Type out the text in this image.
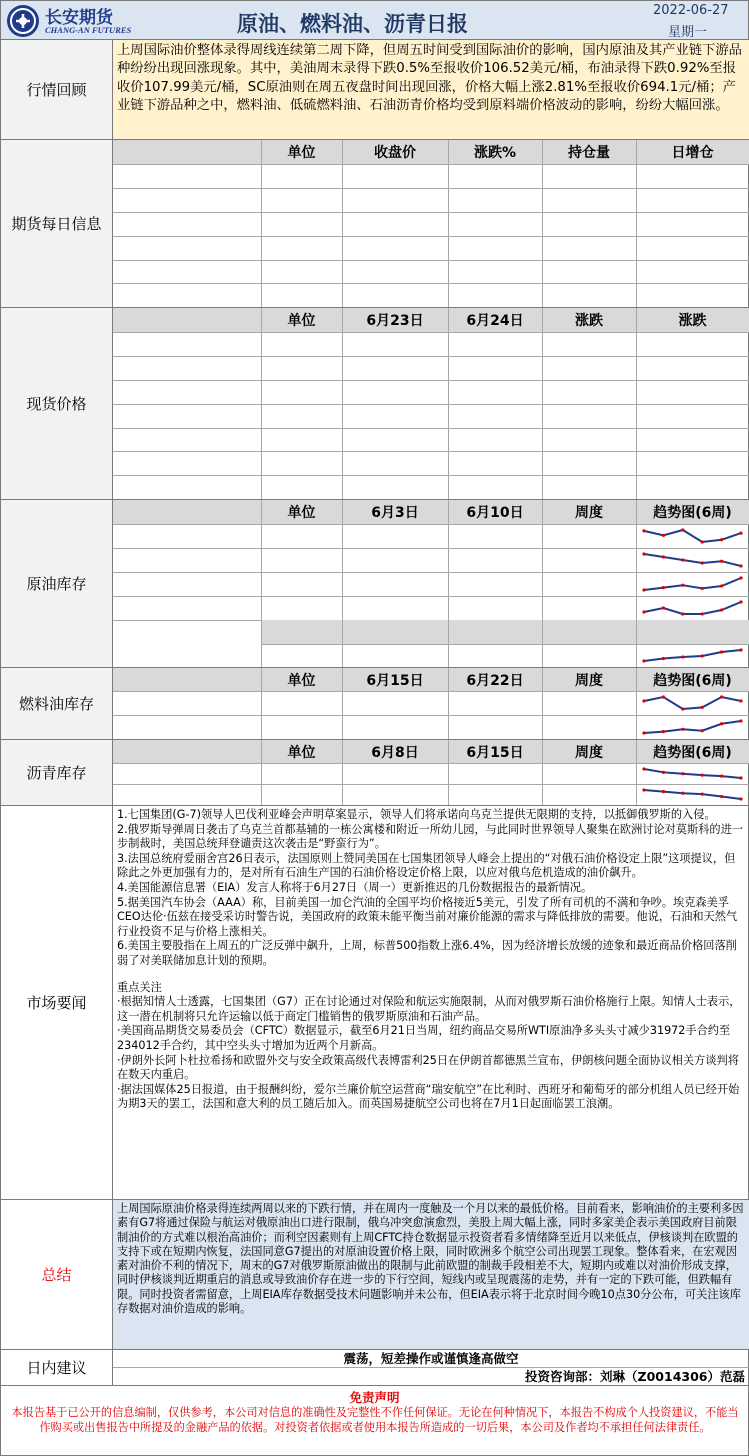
长安期货
CHANG-AN FUTURES	原油、燃料油、沥青日报
2022-06-27
星期一
行情回顾
上周国际油价整体录得周线连续第二周下降，但周五时间受到国际油价的影响，国内原油及其产业链下游品种纷纷出现回涨现象。其中，美油周末录得下跌0.5%至报收价106.52美元/桶，布油录得下跌0.92%至报收价107.99美元/桶，SC原油则在周五夜盘时间出现回涨，价格大幅上涨2.81%至报收价694.1元/桶；产业链下游品种之中，燃料油、低硫燃料油、石油沥青价格均受到原料端价格波动的影响，纷纷大幅回涨。
期货每日信息
单位	收盘价	涨跌%	持仓量	日增仓
现货价格
单位	6月23日	6月24日	涨跌	涨跌
原油库存
单位	6月3日	6月10日	周度	趋势图(6周)
燃料油库存
单位	6月15日	6月22日	周度	趋势图(6周)
沥青库存
单位	6月8日	6月15日	周度	趋势图(6周)
市场要闻
1.七国集团(G-7)领导人巴伐利亚峰会声明草案显示，领导人们将承诺向乌克兰提供无限期的支持，以抵御俄罗斯的入侵。
2.俄罗斯导弹周日袭击了乌克兰首都基辅的一栋公寓楼和附近一所幼儿园，与此同时世界领导人聚集在欧洲讨论对莫斯科的进一步制裁时，美国总统拜登谴责这次袭击是“野蛮行为”。
3.法国总统府爱丽舍宫26日表示，法国原则上赞同美国在七国集团领导人峰会上提出的“对俄石油价格设定上限”这项提议，但除此之外更加强有力的，是对所有石油生产国的石油价格设定价格上限，以应对俄乌危机造成的油价飙升。
4.美国能源信息署（EIA）发言人称将于6月27日（周一）更新推迟的几份数据报告的最新情况。
5.据美国汽车协会（AAA）称，目前美国一加仑汽油的全国平均价格接近5美元，引发了所有司机的不满和争吵。埃克森美孚CEO达伦·伍兹在接受采访时警告说，美国政府的政策未能平衡当前对廉价能源的需求与降低排放的需要。他说，石油和天然气行业投资不足与价格上涨相关。
6.美国主要股指在上周五的广泛反弹中飙升，上周，标普500指数上涨6.4%，因为经济增长放缓的迹象和最近商品价格回落削弱了对美联储加息计划的预期。
重点关注
·根据知情人士透露，七国集团（G7）正在讨论通过对保险和航运实施限制，从而对俄罗斯石油价格施行上限。知情人士表示，这一潜在机制将只允许运输以低于商定门槛销售的俄罗斯原油和石油产品。
·美国商品期货交易委员会（CFTC）数据显示，截至6月21日当周，纽约商品交易所WTI原油净多头头寸减少31972手合约至234012手合约，其中空头头寸增加为近两个月新高。
·伊朗外长阿卜杜拉希扬和欧盟外交与安全政策高级代表博雷利25日在伊朗首都德黑兰宣布，伊朗核问题全面协议相关方谈判将在数天内重启。
·据法国媒体25日报道，由于报酬纠纷，爱尔兰廉价航空运营商“瑞安航空”在比利时、西班牙和葡萄牙的部分机组人员已经开始为期3天的罢工，法国和意大利的员工随后加入。而英国易捷航空公司也将在7月1日起面临罢工浪潮。
总结
上周国际原油价格录得连续两周以来的下跌行情，并在周内一度触及一个月以来的最低价格。目前看来，影响油价的主要利多因素有G7将通过保险与航运对俄原油出口进行限制，俄乌冲突愈演愈烈，美股上周大幅上涨，同时多家美企表示美国政府目前限制油价的方式难以根治高油价；而利空因素则有上周CFTC持仓数据显示投资者看多情绪降至近月以来低点，伊核谈判在欧盟的支持下或在短期内恢复，法国同意G7提出的对原油设置价格上限，同时欧洲多个航空公司出现罢工现象。整体看来，在宏观因素对油价不利的情况下，周末的G7对俄罗斯原油做出的限制与此前欧盟的制裁手段相差不大，短期内或难以对油价形成支撑，同时伊核谈判近期重启的消息或导致油价存在进一步的下行空间，短线内或呈现震荡的走势，并有一定的下跌可能，但跌幅有限。同时投资者需留意，上周EIA库存数据受技术问题影响并未公布，但EIA表示将于北京时间今晚10点30分公布，可关注该库存数据对油价造成的影响。
日内建议
震荡，短差操作或谨慎逢高做空
投资咨询部：刘琳（Z0014306）范磊
免责声明
本报告基于已公开的信息编制，仅供参考，本公司对信息的准确性及完整性不作任何保证。无论在何种情况下，本报告不构成个人投资建议，不能当作购买或出售报告中所提及的金融产品的依据。对投资者依据或者使用本报告所造成的一切后果，本公司及作者均不承担任何法律责任。
